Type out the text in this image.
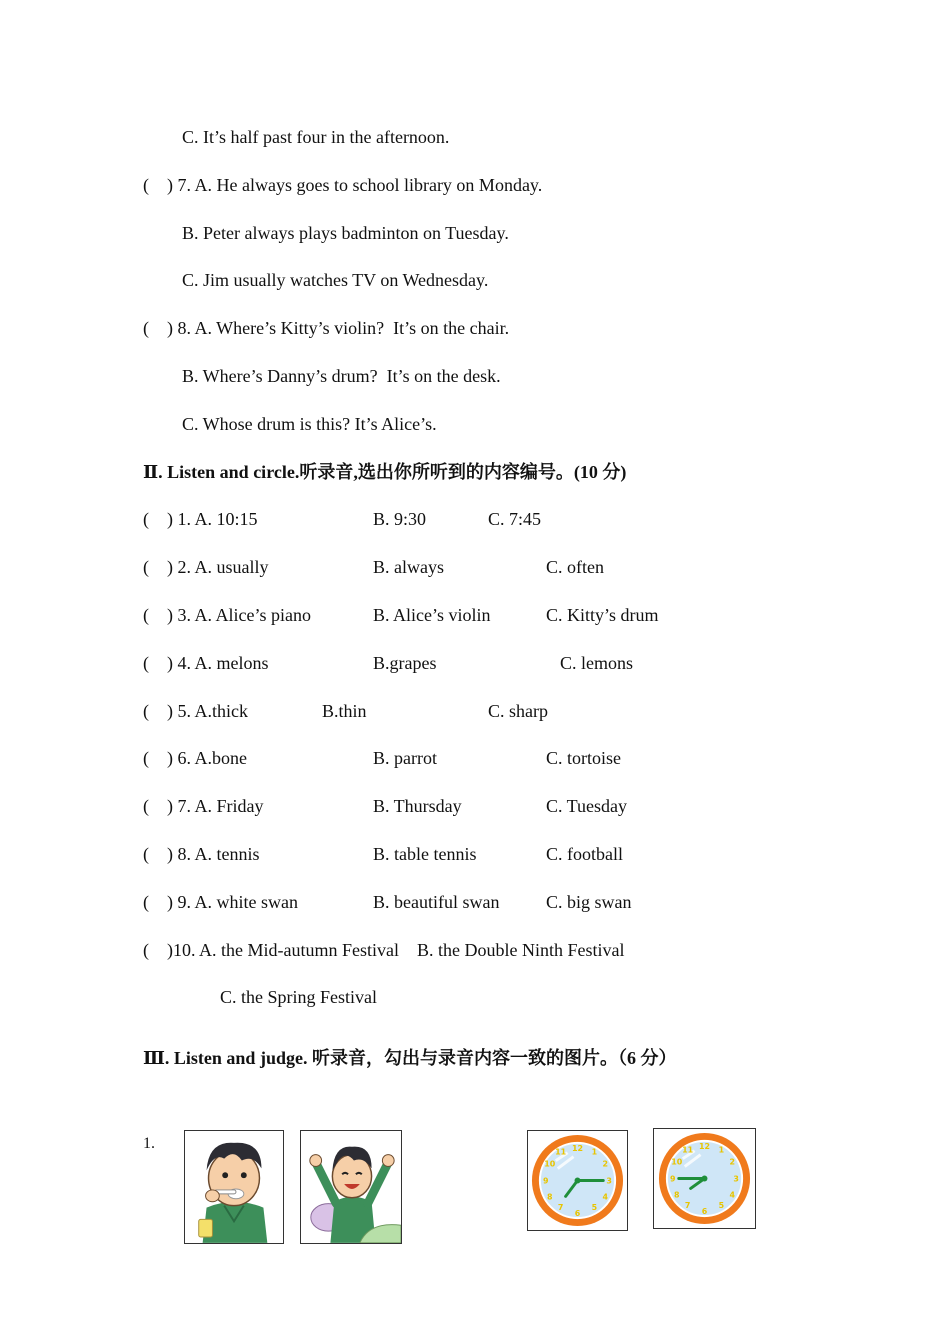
C. It’s half past four in the afternoon.
(    ) 7. A. He always goes to school library on Monday.
B. Peter always plays badminton on Tuesday.
C. Jim usually watches TV on Wednesday.
(    ) 8. A. Where’s Kitty’s violin?  It’s on the chair.
B. Where’s Danny’s drum?  It’s on the desk.
C. Whose drum is this? It’s Alice’s.
Ⅱ. Listen and circle.听录音,选出你所听到的内容编号。(10 分)
(    ) 1. A. 10:15	B. 9:30	C. 7:45
(    ) 2. A. usually	B. always	C. often
(    ) 3. A. Alice’s piano	B. Alice’s violin	C. Kitty’s drum
(    ) 4. A. melons	B.grapes	C. lemons
(    ) 5. A.thick	B.thin	C. sharp
(    ) 6. A.bone	B. parrot	C. tortoise
(    ) 7. A. Friday	B. Thursday	C. Tuesday
(    ) 8. A. tennis	B. table tennis	C. football
(    ) 9. A. white swan	B. beautiful swan	C. big swan
(    )10. A. the Mid-autumn Festival    B. the Double Ninth Festival
C. the Spring Festival
Ⅲ. Listen and judge. 听录音，勾出与录音内容一致的图片。（6 分）
1.	12 1
2
3
4
5
6
7
8
9
10
11
12 1
2
3
4
5
6
7
8
9
10
11
